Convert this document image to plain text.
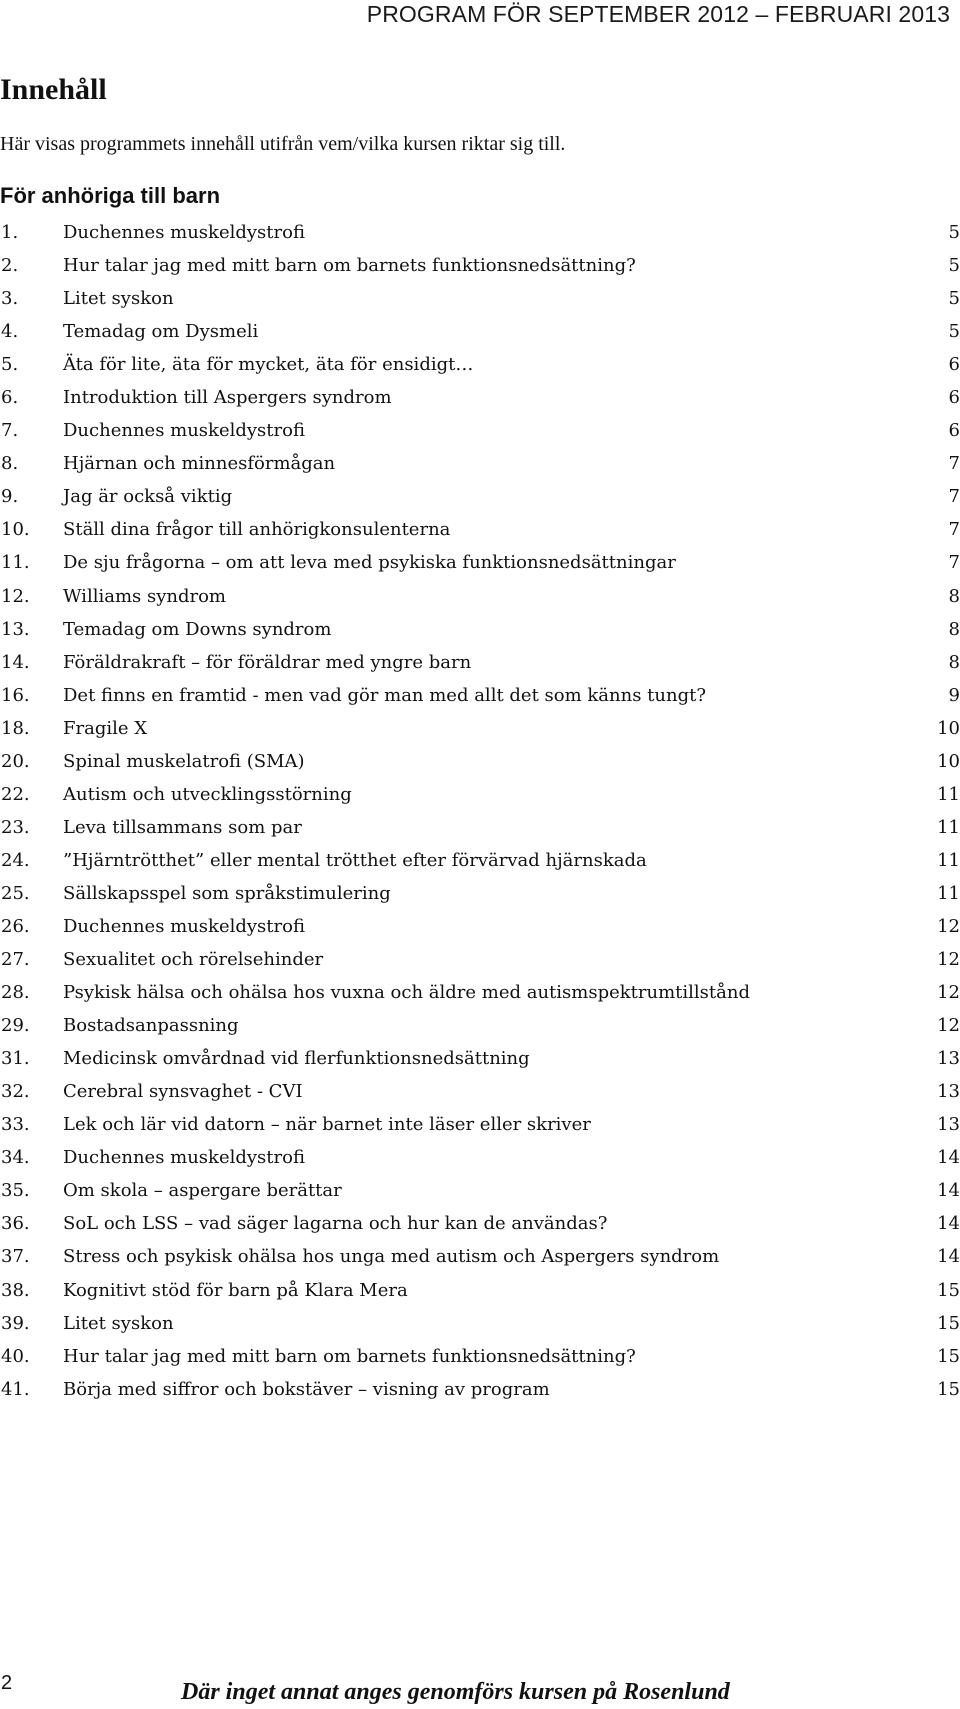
PROGRAM FÖR SEPTEMBER 2012 – FEBRUARI 2013
Innehåll
Här visas programmets innehåll utifrån vem/vilka kursen riktar sig till.
För anhöriga till barn
1. Duchennes muskeldystrofi	5
2. Hur talar jag med mitt barn om barnets funktionsnedsättning?	5
3. Litet syskon	5
4. Temadag om Dysmeli	5
5. Äta för lite, äta för mycket, äta för ensidigt…	6
6. Introduktion till Aspergers syndrom	6
7. Duchennes muskeldystrofi	6
8. Hjärnan och minnesförmågan	7
9. Jag är också viktig	7
10. Ställ dina frågor till anhörigkonsulenterna	7
11. De sju frågorna – om att leva med psykiska funktionsnedsättningar	7
12. Williams syndrom	8
13. Temadag om Downs syndrom	8
14. Föräldrakraft – för föräldrar med yngre barn	8
16. Det finns en framtid - men vad gör man med allt det som känns tungt?	9
18. Fragile X	10
20. Spinal muskelatrofi (SMA)	10
22. Autism och utvecklingsstörning	11
23. Leva tillsammans som par	11
24. ”Hjärntrötthet” eller mental trötthet efter förvärvad hjärnskada	11
25. Sällskapsspel som språkstimulering	11
26. Duchennes muskeldystrofi	12
27. Sexualitet och rörelsehinder	12
28. Psykisk hälsa och ohälsa hos vuxna och äldre med autismspektrumtillstånd	12
29. Bostadsanpassning	12
31. Medicinsk omvårdnad vid flerfunktionsnedsättning	13
32. Cerebral synsvaghet - CVI	13
33. Lek och lär vid datorn – när barnet inte läser eller skriver	13
34. Duchennes muskeldystrofi	14
35. Om skola – aspergare berättar	14
36. SoL och LSS – vad säger lagarna och hur kan de användas?	14
37. Stress och psykisk ohälsa hos unga med autism och Aspergers syndrom	14
38. Kognitivt stöd för barn på Klara Mera	15
39. Litet syskon	15
40. Hur talar jag med mitt barn om barnets funktionsnedsättning?	15
41. Börja med siffror och bokstäver – visning av program	15
2	Där inget annat anges genomförs kursen på Rosenlund
